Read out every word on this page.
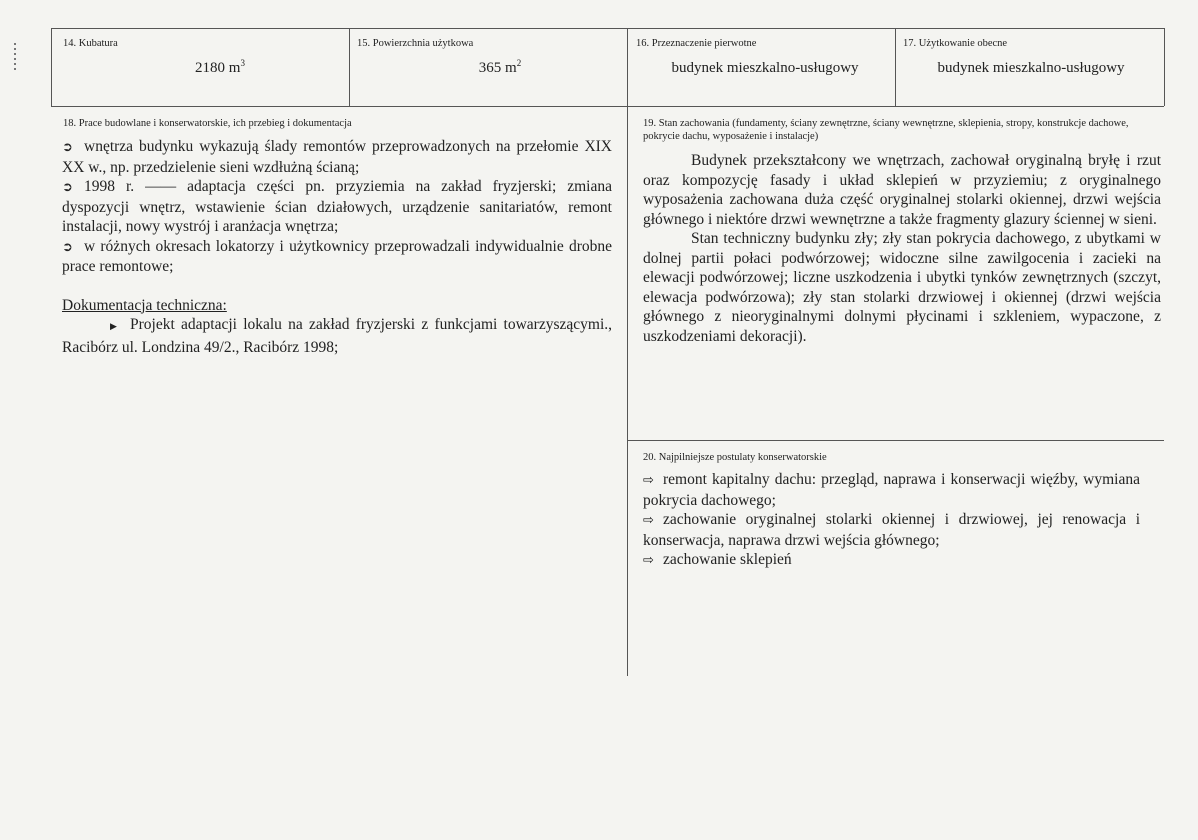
14. Kubatura
2180 $m^3$
15. Powierzchnia użytkowa
365 $m^2$
16. Przeznaczenie pierwotne
budynek mieszkalno-usługowy
17. Użytkowanie obecne
budynek mieszkalno-usługowy
18. Prace budowlane i konserwatorskie, ich przebieg i dokumentacja

➲ wnętrza budynku wykazują ślady remontów przeprowadzonych na przełomie XIX XX w., np. przedzielenie sieni wzdłużną ścianą;

➲ 1998 r. —— adaptacja części pn. przyziemia na zakład fryzjerski; zmiana dyspozycji wnętrz, wstawienie ścian działowych, urządzenie sanitariatów, remont instalacji, nowy wystrój i aranżacja wnętrza;

➲ w różnych okresach lokatorzy i użytkownicy przeprowadzali indywidualnie drobne prace remontowe;

Dokumentacja techniczna:

▶ Projekt adaptacji lokalu na zakład fryzjerski z funkcjami towarzyszącymi., Racibórz ul. Londzina 49/2., Racibórz 1998;

19. Stan zachowania (fundamenty, ściany zewnętrzne, ściany wewnętrzne, sklepienia, stropy, konstrukcje dachowe, pokrycie dachu, wyposażenie i instalacje)

Budynek przekształcony we wnętrzach, zachował oryginalną bryłę i rzut oraz kompozycję fasady i układ sklepień w przyziemiu; z oryginalnego wyposażenia zachowana duża część oryginalnej stolarki okiennej, drzwi wejścia głównego i niektóre drzwi wewnętrzne a także fragmenty glazury ściennej w sieni.

Stan techniczny budynku zły; zły stan pokrycia dachowego, z ubytkami w dolnej partii połaci podwórzowej; widoczne silne zawilgocenia i zacieki na elewacji podwórzowej; liczne uszkodzenia i ubytki tynków zewnętrznych (szczyt, elewacja podwórzowa); zły stan stolarki drzwiowej i okiennej (drzwi wejścia głównego z nieoryginalnymi dolnymi płycinami i szkleniem, wypaczone, z uszkodzeniami dekoracji).

20. Najpilniejsze postulaty konserwatorskie

⇨ remont kapitalny dachu: przegląd, naprawa i konserwacji więźby, wymiana pokrycia dachowego;

⇨ zachowanie oryginalnej stolarki okiennej i drzwiowej, jej renowacja i konserwacja, naprawa drzwi wejścia głównego;

⇨ zachowanie sklepień
